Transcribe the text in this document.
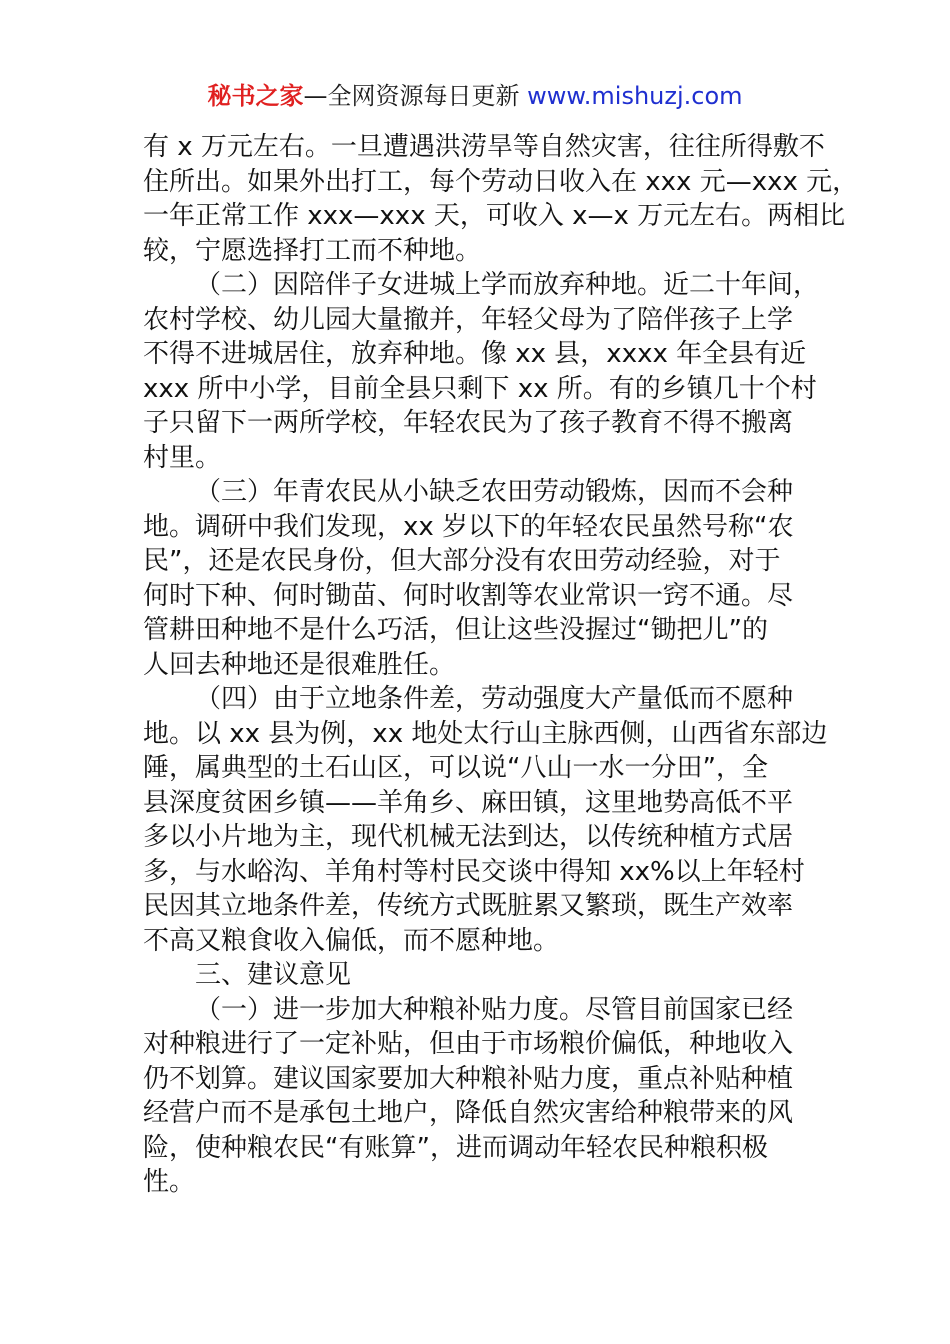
秘书之家—全网资源每日更新 www.mishuzj.com
有 x 万元左右。一旦遭遇洪涝旱等自然灾害，往往所得敷不
住所出。如果外出打工，每个劳动日收入在 xxx 元—xxx 元，
一年正常工作 xxx—xxx 天，可收入 x—x 万元左右。两相比
较，宁愿选择打工而不种地。
（二）因陪伴子女进城上学而放弃种地。近二十年间，
农村学校、幼儿园大量撤并，年轻父母为了陪伴孩子上学
不得不进城居住，放弃种地。像 xx 县，xxxx 年全县有近
xxx 所中小学，目前全县只剩下 xx 所。有的乡镇几十个村
子只留下一两所学校，年轻农民为了孩子教育不得不搬离
村里。
（三）年青农民从小缺乏农田劳动锻炼，因而不会种
地。调研中我们发现，xx 岁以下的年轻农民虽然号称“农
民”，还是农民身份，但大部分没有农田劳动经验，对于
何时下种、何时锄苗、何时收割等农业常识一窍不通。尽
管耕田种地不是什么巧活，但让这些没握过“锄把儿”的
人回去种地还是很难胜任。
（四）由于立地条件差，劳动强度大产量低而不愿种
地。以 xx 县为例，xx 地处太行山主脉西侧，山西省东部边
陲，属典型的土石山区，可以说“八山一水一分田”，全
县深度贫困乡镇——羊角乡、麻田镇，这里地势高低不平
多以小片地为主，现代机械无法到达，以传统种植方式居
多，与水峪沟、羊角村等村民交谈中得知 xx%以上年轻村
民因其立地条件差，传统方式既脏累又繁琐，既生产效率
不高又粮食收入偏低，而不愿种地。
三、建议意见
（一）进一步加大种粮补贴力度。尽管目前国家已经
对种粮进行了一定补贴，但由于市场粮价偏低，种地收入
仍不划算。建议国家要加大种粮补贴力度，重点补贴种植
经营户而不是承包土地户，降低自然灾害给种粮带来的风
险，使种粮农民“有账算”，进而调动年轻农民种粮积极
性。
